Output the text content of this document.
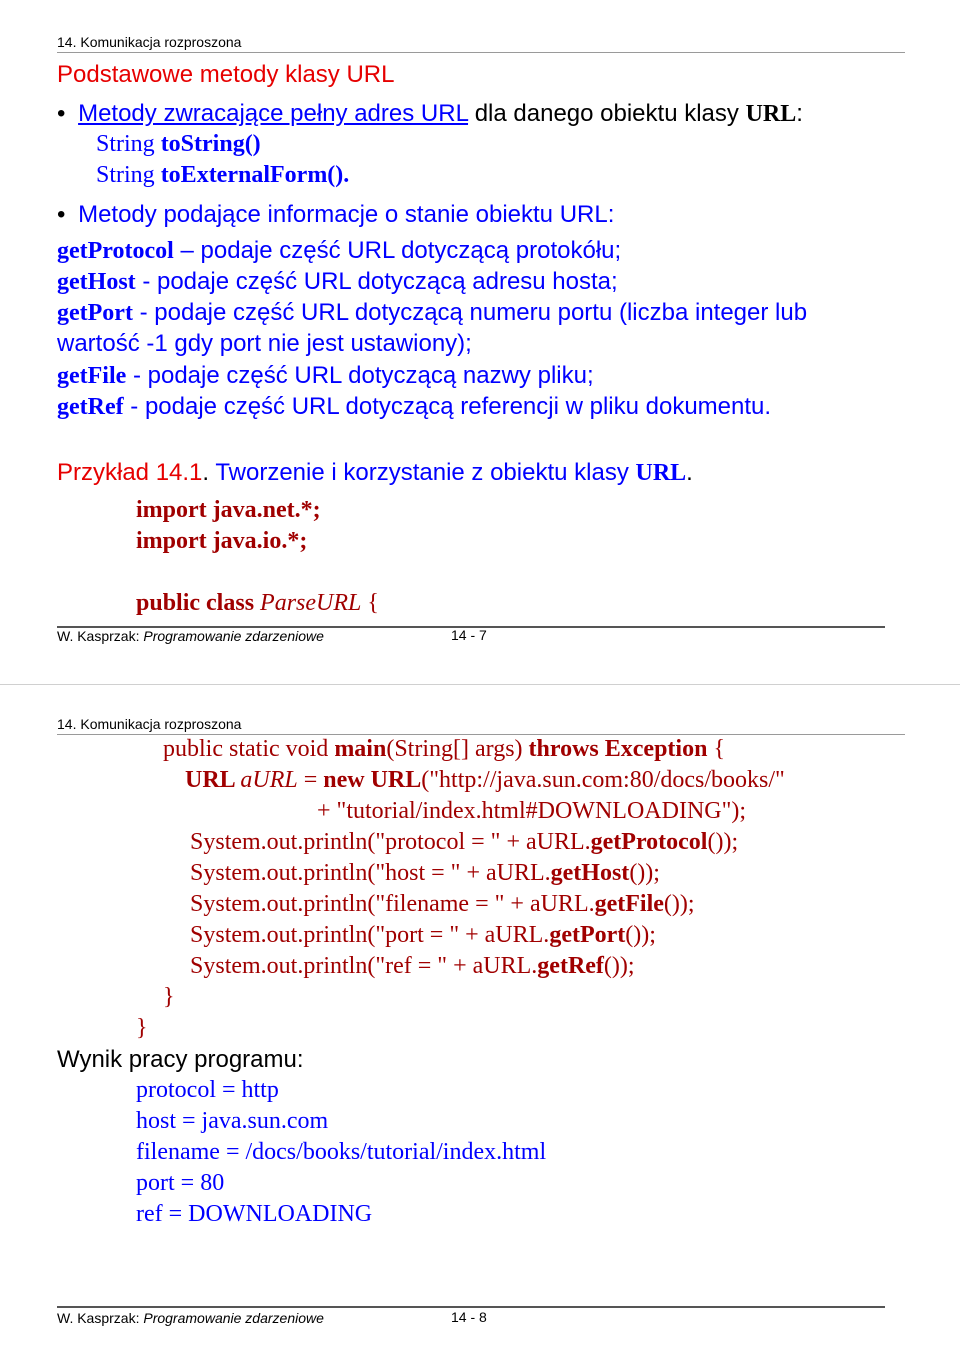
14. Komunikacja rozproszona
Podstawowe metody klasy URL
• Metody zwracające pełny adres URL dla danego obiektu klasy URL:
String toString()
String toExternalForm().
• Metody podające informacje o stanie obiektu URL:
getProtocol – podaje część URL dotyczącą protokółu;
getHost - podaje część URL dotyczącą adresu hosta;
getPort - podaje część URL dotyczącą numeru portu (liczba integer lub
wartość -1 gdy port nie jest ustawiony);
getFile - podaje część URL dotyczącą nazwy pliku;
getRef - podaje część URL dotyczącą referencji w pliku dokumentu.
Przykład 14.1. Tworzenie i korzystanie z obiektu klasy URL.
import java.net.*;
import java.io.*;
public class ParseURL {
W. Kasprzak: Programowanie zdarzeniowe	14 - 7
14. Komunikacja rozproszona
public static void main(String[] args) throws Exception {
URL aURL = new URL("http://java.sun.com:80/docs/books/"
+ "tutorial/index.html#DOWNLOADING");
System.out.println("protocol = " + aURL.getProtocol());
System.out.println("host = " + aURL.getHost());
System.out.println("filename = " + aURL.getFile());
System.out.println("port = " + aURL.getPort());
System.out.println("ref = " + aURL.getRef());
}
}
Wynik pracy programu:
protocol = http
host = java.sun.com
filename = /docs/books/tutorial/index.html
port = 80
ref = DOWNLOADING
W. Kasprzak: Programowanie zdarzeniowe	14 - 8
